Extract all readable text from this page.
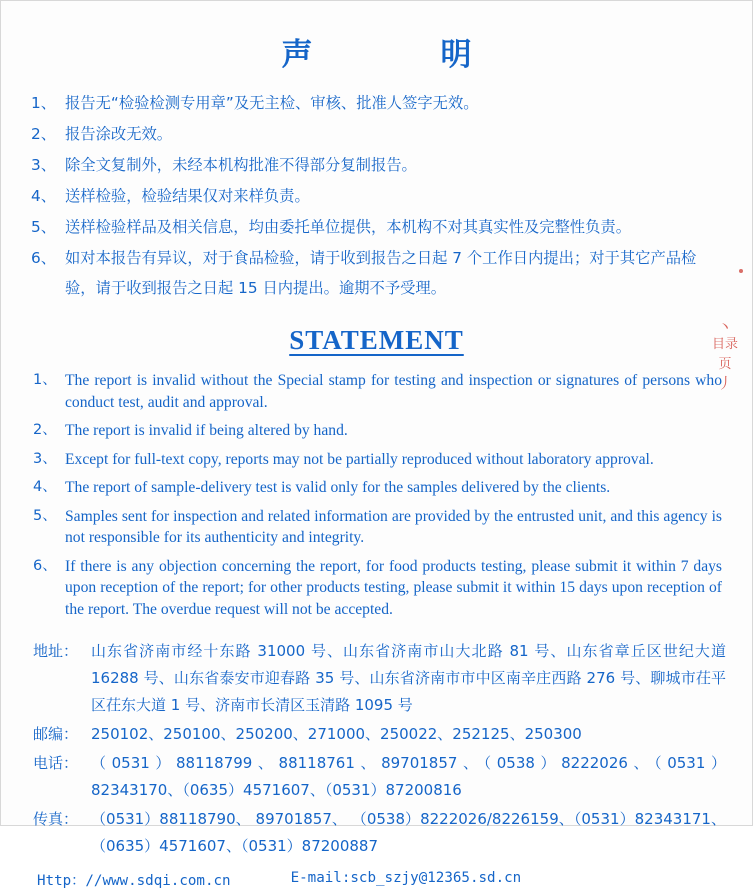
声　　明
1、 报告无“检验检测专用章”及无主检、审核、批准人签字无效。
2、 报告涂改无效。
3、 除全文复制外，未经本机构批准不得部分复制报告。
4、 送样检验，检验结果仅对来样负责。
5、 送样检验样品及相关信息，均由委托单位提供，本机构不对其真实性及完整性负责。
6、 如对本报告有异议，对于食品检验，请于收到报告之日起 7 个工作日内提出；对于其它产品检验，请于收到报告之日起 15 日内提出。逾期不予受理。
STATEMENT
1、 The report is invalid without the Special stamp for testing and inspection or signatures of persons who conduct test, audit and approval.
2、 The report is invalid if being altered by hand.
3、 Except for full-text copy, reports may not be partially reproduced without laboratory approval.
4、 The report of sample-delivery test is valid only for the samples delivered by the clients.
5、 Samples sent for inspection and related information are provided by the entrusted unit, and this agency is not responsible for its authenticity and integrity.
6、 If there is any objection concerning the report, for food products testing, please submit it within 7 days upon reception of the report; for other products testing, please submit it within 15 days upon reception of the report. The overdue request will not be accepted.
地址： 山东省济南市经十东路 31000 号、山东省济南市山大北路 81 号、山东省章丘区世纪大道 16288 号、山东省泰安市迎春路 35 号、山东省济南市市中区南辛庄西路 276 号、聊城市茌平区茌东大道 1 号、济南市长清区玉清路 1095 号
邮编： 250102、250100、250200、271000、250022、252125、250300
电话： （0531）88118799、88118761、89701857、（0538）8222026、（0531）82343170、（0635）4571607、（0531）87200816
传真： （0531）88118790、 89701857、 （0538）8222026/8226159、（0531）82343171、（0635）4571607、（0531）87200887
Http：//www.sdqi.com.cn	E-mail:scb_szjy@12365.sd.cn
丶
目录页
丿
